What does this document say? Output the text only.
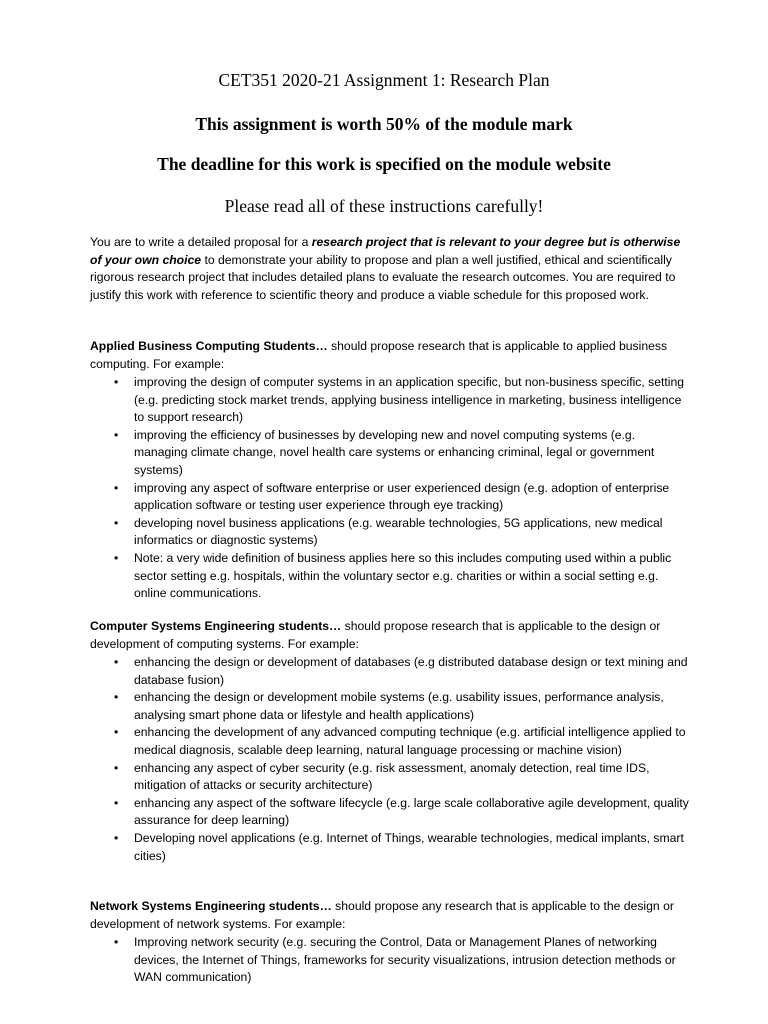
CET351 2020-21 Assignment 1: Research Plan
This assignment is worth 50% of the module mark
The deadline for this work is specified on the module website
Please read all of these instructions carefully!
You are to write a detailed proposal for a research project that is relevant to your degree but is otherwise of your own choice to demonstrate your ability to propose and plan a well justified, ethical and scientifically rigorous research project that includes detailed plans to evaluate the research outcomes. You are required to justify this work with reference to scientific theory and produce a viable schedule for this proposed work.
Applied Business Computing Students… should propose research that is applicable to applied business computing. For example:
• improving the design of computer systems in an application specific, but non-business specific, setting (e.g. predicting stock market trends, applying business intelligence in marketing, business intelligence to support research)
• improving the efficiency of businesses by developing new and novel computing systems (e.g. managing climate change, novel health care systems or enhancing criminal, legal or government systems)
• improving any aspect of software enterprise or user experienced design (e.g. adoption of enterprise application software or testing user experience through eye tracking)
• developing novel business applications (e.g. wearable technologies, 5G applications, new medical informatics or diagnostic systems)
• Note: a very wide definition of business applies here so this includes computing used within a public sector setting e.g. hospitals, within the voluntary sector e.g. charities or within a social setting e.g. online communications.
Computer Systems Engineering students… should propose research that is applicable to the design or development of computing systems. For example:
• enhancing the design or development of databases (e.g distributed database design or text mining and database fusion)
• enhancing the design or development mobile systems (e.g. usability issues, performance analysis, analysing smart phone data or lifestyle and health applications)
• enhancing the development of any advanced computing technique (e.g. artificial intelligence applied to medical diagnosis, scalable deep learning, natural language processing or machine vision)
• enhancing any aspect of cyber security (e.g. risk assessment, anomaly detection, real time IDS, mitigation of attacks or security architecture)
• enhancing any aspect of the software lifecycle (e.g. large scale collaborative agile development, quality assurance for deep learning)
• Developing novel applications (e.g. Internet of Things, wearable technologies, medical implants, smart cities)
Network Systems Engineering students… should propose any research that is applicable to the design or development of network systems. For example:
• Improving network security (e.g. securing the Control, Data or Management Planes of networking devices, the Internet of Things, frameworks for security visualizations, intrusion detection methods or WAN communication)
